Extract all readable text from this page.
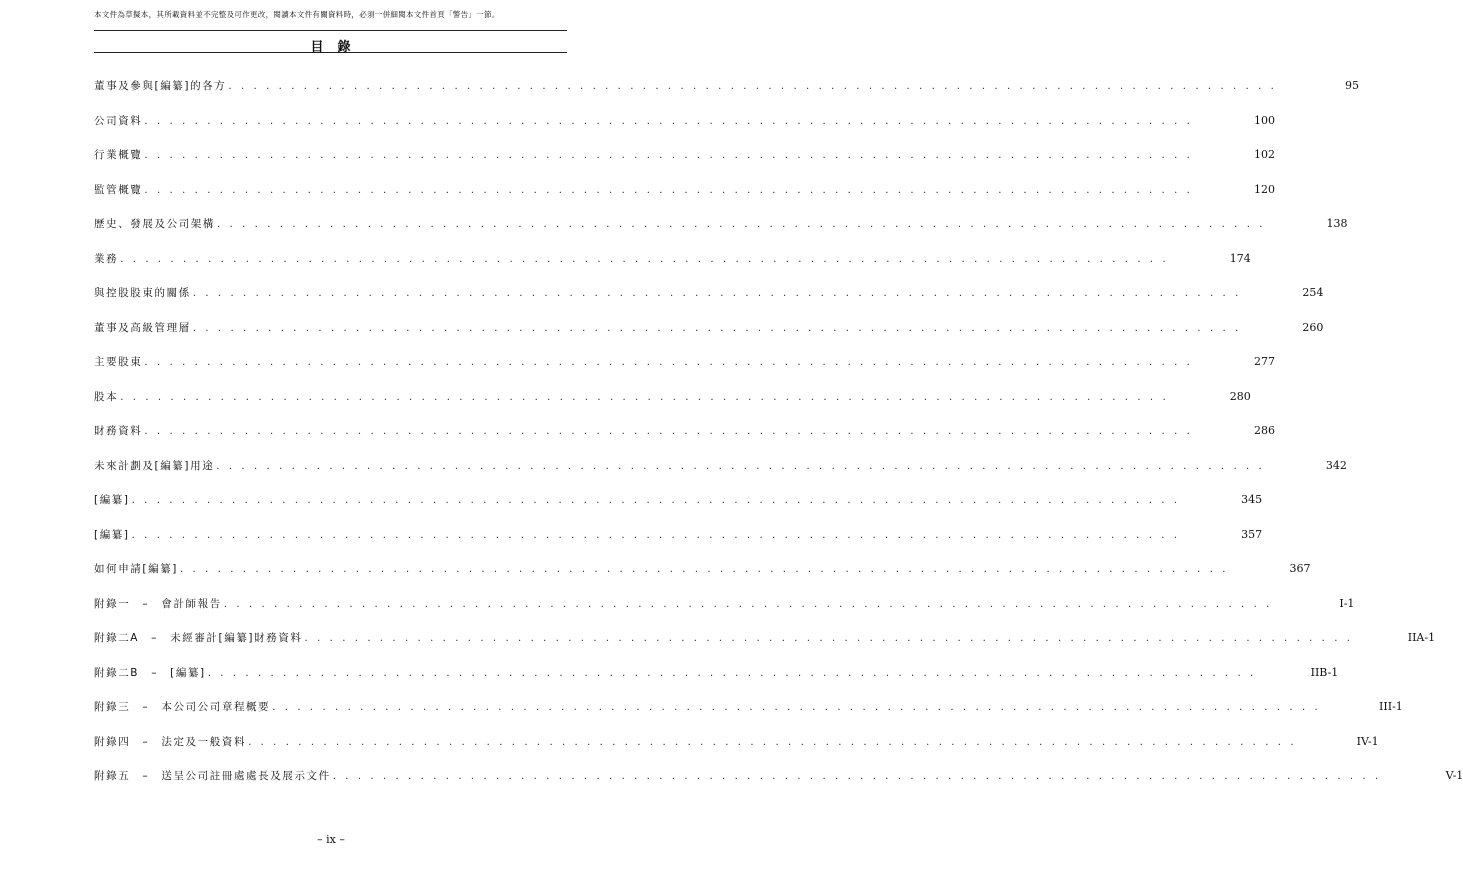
本文件為草擬本，其所載資料並不完整及可作更改，閱讀本文件有關資料時，必須一併細閱本文件首頁「警告」一節。
目錄
董事及參與[編纂]的各方 . . . . . . . . . . . . . . . . . . . . . . . . . . . . . . . . . . . . . . . . . . . . . . . . . . . . . . . . . . . . . . . . . . . . . . . . . . . . . . . . . . . .	95
公司資料 . . . . . . . . . . . . . . . . . . . . . . . . . . . . . . . . . . . . . . . . . . . . . . . . . . . . . . . . . . . . . . . . . . . . . . . . . . . . . . . . . . . .	100
行業概覽 . . . . . . . . . . . . . . . . . . . . . . . . . . . . . . . . . . . . . . . . . . . . . . . . . . . . . . . . . . . . . . . . . . . . . . . . . . . . . . . . . . . .	102
監管概覽 . . . . . . . . . . . . . . . . . . . . . . . . . . . . . . . . . . . . . . . . . . . . . . . . . . . . . . . . . . . . . . . . . . . . . . . . . . . . . . . . . . . .	120
歷史、發展及公司架構 . . . . . . . . . . . . . . . . . . . . . . . . . . . . . . . . . . . . . . . . . . . . . . . . . . . . . . . . . . . . . . . . . . . . . . . . . . . . . . . . . . . .	138
業務 . . . . . . . . . . . . . . . . . . . . . . . . . . . . . . . . . . . . . . . . . . . . . . . . . . . . . . . . . . . . . . . . . . . . . . . . . . . . . . . . . . . .	174
與控股股東的關係 . . . . . . . . . . . . . . . . . . . . . . . . . . . . . . . . . . . . . . . . . . . . . . . . . . . . . . . . . . . . . . . . . . . . . . . . . . . . . . . . . . . .	254
董事及高級管理層 . . . . . . . . . . . . . . . . . . . . . . . . . . . . . . . . . . . . . . . . . . . . . . . . . . . . . . . . . . . . . . . . . . . . . . . . . . . . . . . . . . . .	260
主要股東 . . . . . . . . . . . . . . . . . . . . . . . . . . . . . . . . . . . . . . . . . . . . . . . . . . . . . . . . . . . . . . . . . . . . . . . . . . . . . . . . . . . .	277
股本 . . . . . . . . . . . . . . . . . . . . . . . . . . . . . . . . . . . . . . . . . . . . . . . . . . . . . . . . . . . . . . . . . . . . . . . . . . . . . . . . . . . .	280
財務資料 . . . . . . . . . . . . . . . . . . . . . . . . . . . . . . . . . . . . . . . . . . . . . . . . . . . . . . . . . . . . . . . . . . . . . . . . . . . . . . . . . . . .	286
未來計劃及[編纂]用途 . . . . . . . . . . . . . . . . . . . . . . . . . . . . . . . . . . . . . . . . . . . . . . . . . . . . . . . . . . . . . . . . . . . . . . . . . . . . . . . . . . . .	342
[編纂] . . . . . . . . . . . . . . . . . . . . . . . . . . . . . . . . . . . . . . . . . . . . . . . . . . . . . . . . . . . . . . . . . . . . . . . . . . . . . . . . . . . .	345
[編纂] . . . . . . . . . . . . . . . . . . . . . . . . . . . . . . . . . . . . . . . . . . . . . . . . . . . . . . . . . . . . . . . . . . . . . . . . . . . . . . . . . . . .	357
如何申請[編纂] . . . . . . . . . . . . . . . . . . . . . . . . . . . . . . . . . . . . . . . . . . . . . . . . . . . . . . . . . . . . . . . . . . . . . . . . . . . . . . . . . . . .	367
附錄一　–　會計師報告 . . . . . . . . . . . . . . . . . . . . . . . . . . . . . . . . . . . . . . . . . . . . . . . . . . . . . . . . . . . . . . . . . . . . . . . . . . . . . . . . . . . .	I-1
附錄二A　–　未經審計[編纂]財務資料 . . . . . . . . . . . . . . . . . . . . . . . . . . . . . . . . . . . . . . . . . . . . . . . . . . . . . . . . . . . . . . . . . . . . . . . . . . . . . . . . . . . .	IIA-1
附錄二B　–　[編纂] . . . . . . . . . . . . . . . . . . . . . . . . . . . . . . . . . . . . . . . . . . . . . . . . . . . . . . . . . . . . . . . . . . . . . . . . . . . . . . . . . . . .	IIB-1
附錄三　–　本公司公司章程概要 . . . . . . . . . . . . . . . . . . . . . . . . . . . . . . . . . . . . . . . . . . . . . . . . . . . . . . . . . . . . . . . . . . . . . . . . . . . . . . . . . . . .	III-1
附錄四　–　法定及一般資料 . . . . . . . . . . . . . . . . . . . . . . . . . . . . . . . . . . . . . . . . . . . . . . . . . . . . . . . . . . . . . . . . . . . . . . . . . . . . . . . . . . . .	IV-1
附錄五　–　送呈公司註冊處處長及展示文件 . . . . . . . . . . . . . . . . . . . . . . . . . . . . . . . . . . . . . . . . . . . . . . . . . . . . . . . . . . . . . . . . . . . . . . . . . . . . . . . . . . . .	V-1
– ix –
